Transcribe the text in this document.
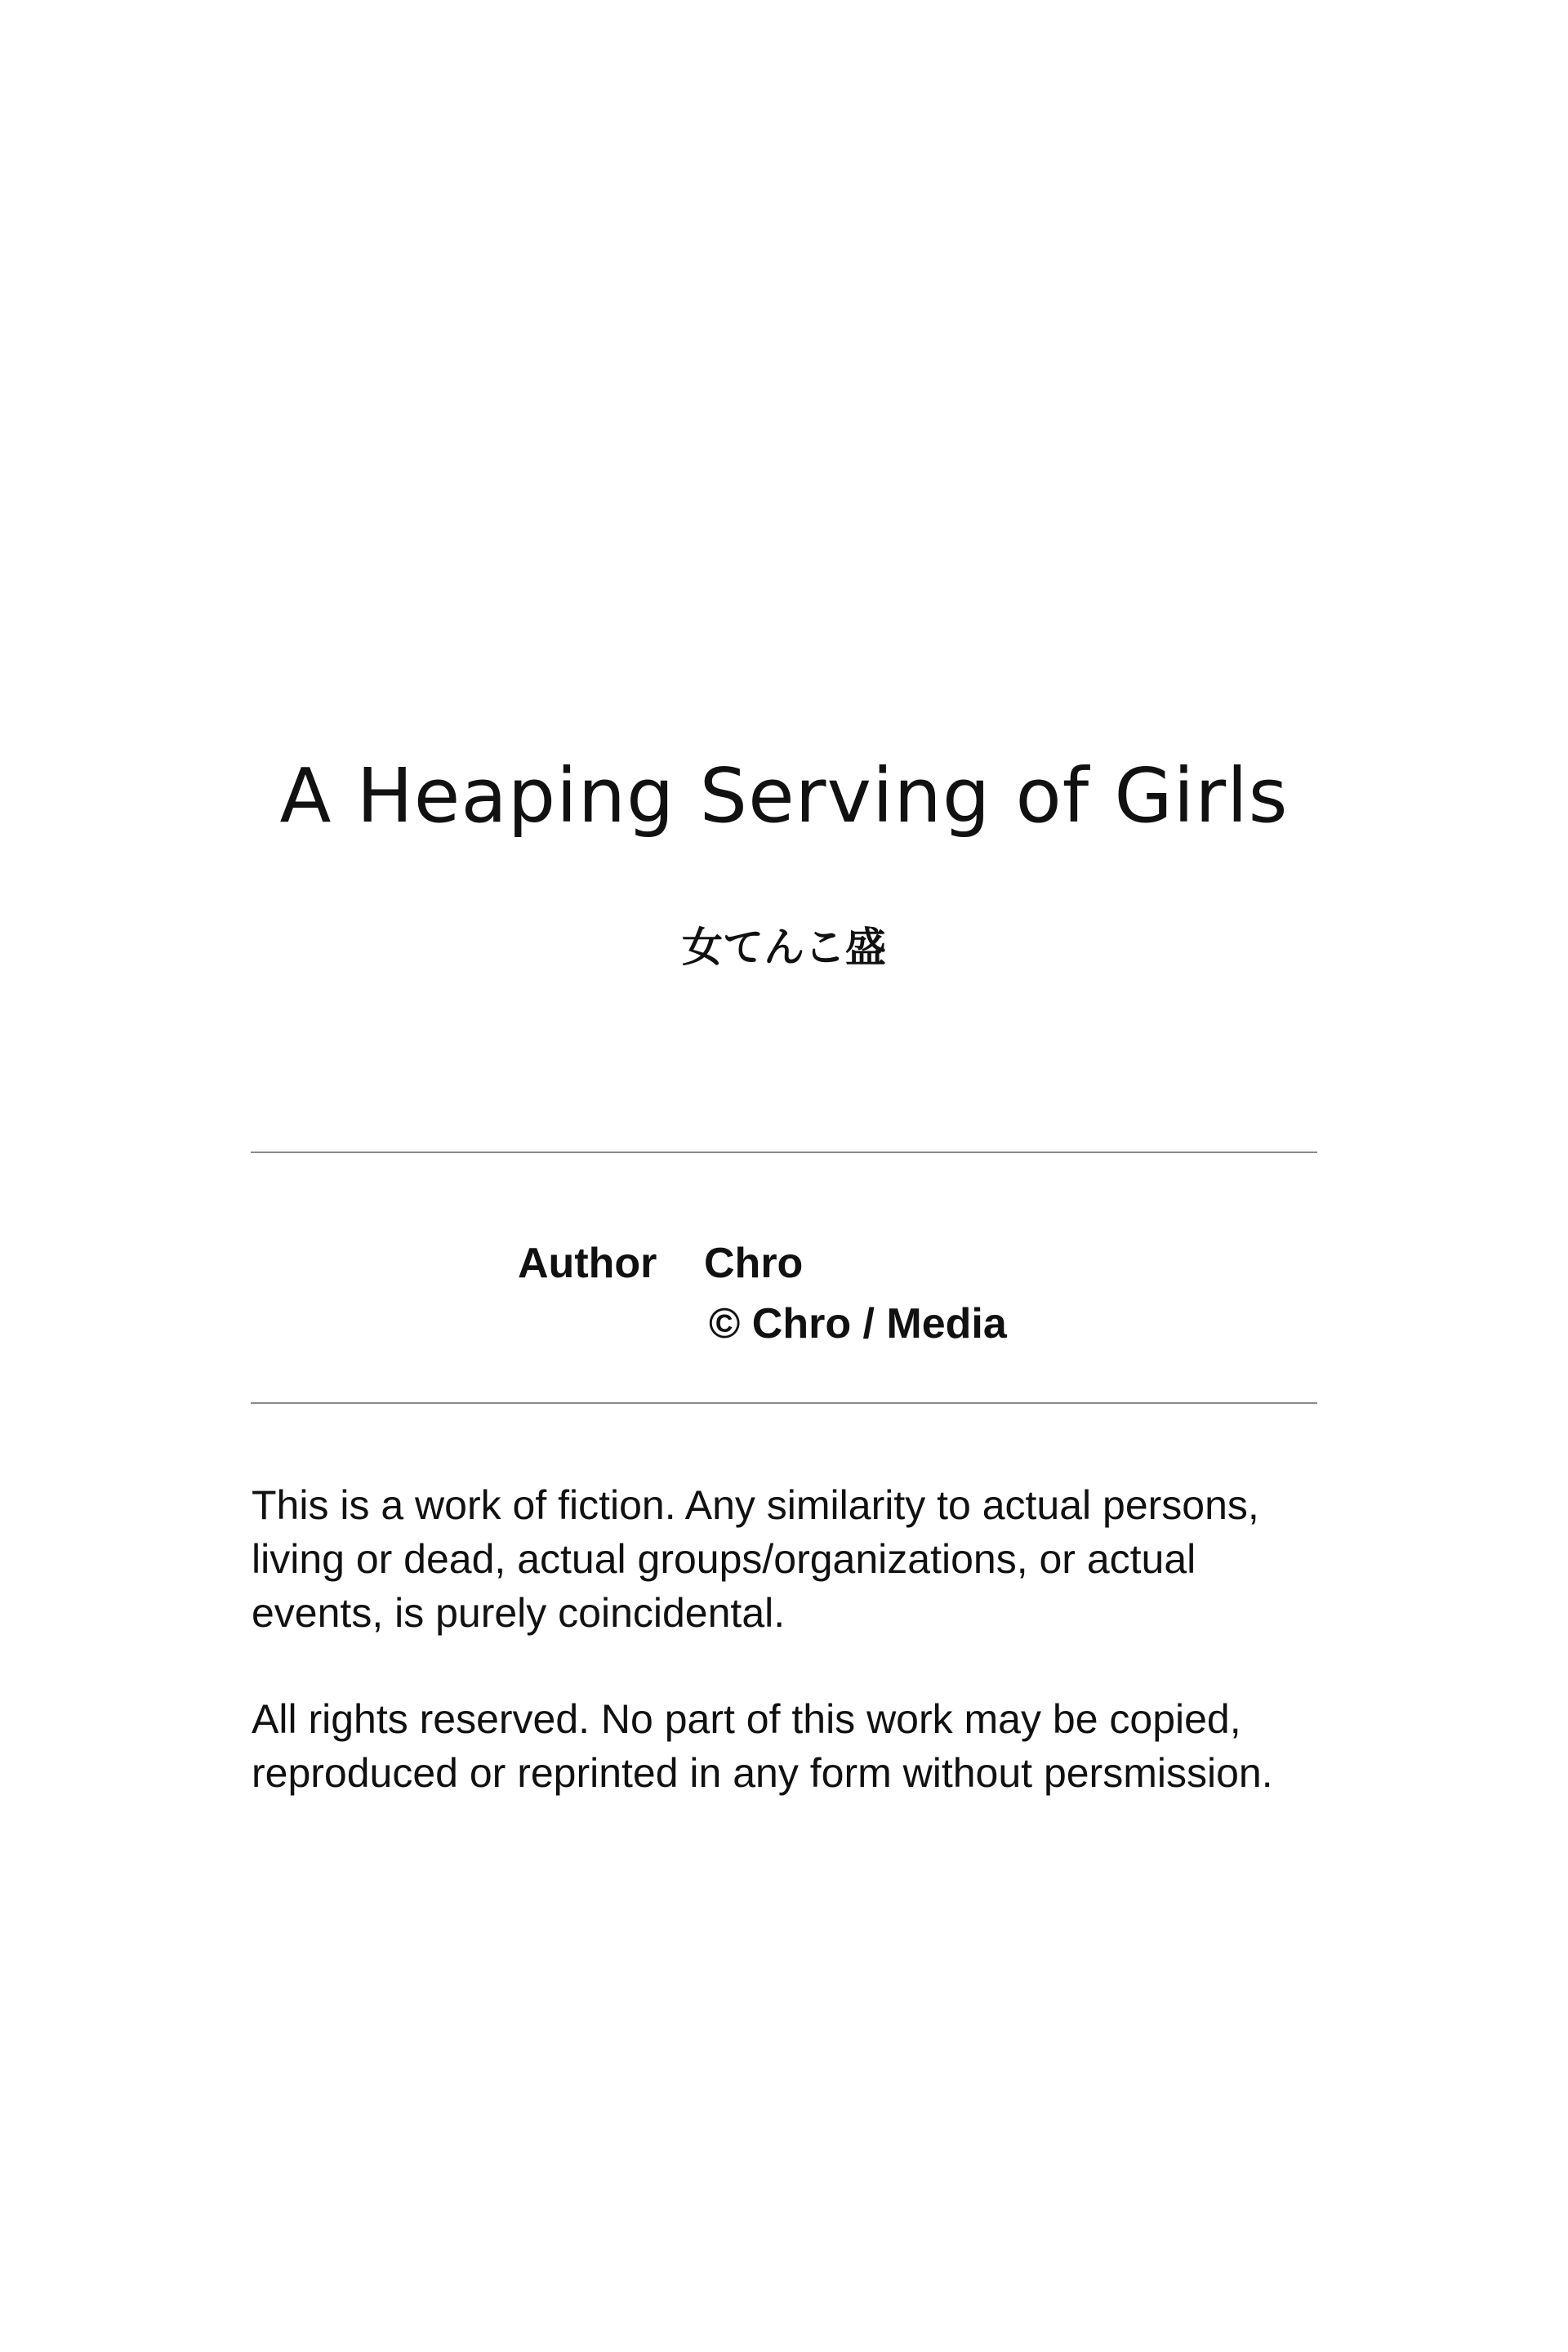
A Heaping Serving of Girls
女てんこ盛
Author	Chro
© Chro / Media

This is a work of fiction. Any similarity to actual persons,

living or dead, actual groups/organizations, or actual

events, is purely coincidental.

All rights reserved. No part of this work may be copied,

reproduced or reprinted in any form without persmission.
